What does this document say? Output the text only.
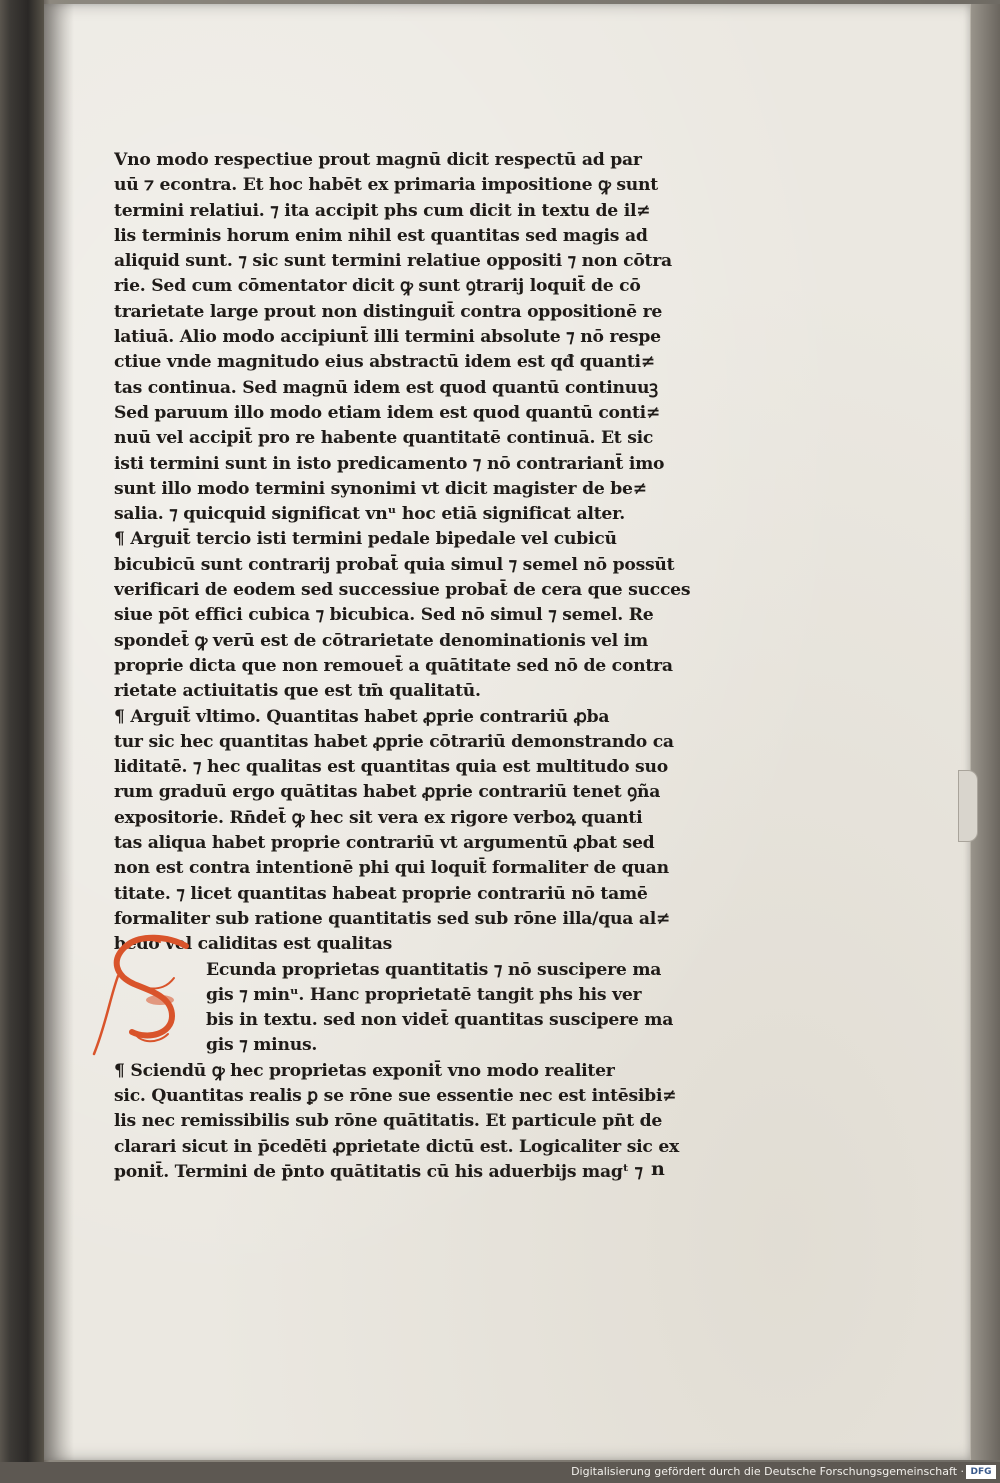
Vno modo respectiue prout magnū dicit respectū ad par
uū ⁊ econtra. Et hoc habēt ex primaria impositione ꝙ sunt
termini relatiui. ⁊ ita accipit phs cum dicit in textu de il≠
lis terminis horum enim nihil est quantitas sed magis ad
aliquid sunt. ⁊ sic sunt termini relatiue oppositi ⁊ non cōtra
rie. Sed cum cōmentator dicit ꝙ sunt ꝯtrarij loquit̄ de cō
trarietate large prout non distinguit̄ contra oppositionē re
latiuā. Alio modo accipiunt̄ illi termini absolute ⁊ nō respe
ctiue vnde magnitudo eius abstractū idem est qđ quanti≠
tas continua. Sed magnū idem est quod quantū continuuꝫ
Sed paruum illo modo etiam idem est quod quantū conti≠
nuū vel accipit̄ pro re habente quantitatē continuā. Et sic
isti termini sunt in isto predicamento ⁊ nō contrariant̄ imo
sunt illo modo termini synonimi vt dicit magister de be≠
salia. ⁊ quicquid significat vnᵘ hoc etiā significat alter.
¶ Arguit̄ tercio isti termini pedale bipedale vel cubicū
bicubicū sunt contrarij probat̄ quia simul ⁊ semel nō possūt
verificari de eodem sed successiue probat̄ de cera que succes
siue pōt effici cubica ⁊ bicubica. Sed nō simul ⁊ semel. Re
spondet̄ ꝙ verū est de cōtrarietate denominationis vel im
proprie dicta que non remouet̄ a quātitate sed nō de contra
rietate actiuitatis que est tm̄ qualitatū.
¶ Arguit̄ vltimo. Quantitas habet ꝓprie contrariū ꝓba
tur sic hec quantitas habet ꝓprie cōtrariū demonstrando ca
liditatē. ⁊ hec qualitas est quantitas quia est multitudo suo
rum graduū ergo quātitas habet ꝓprie contrariū tenet ꝯña
expositorie. Rn̄det̄ ꝙ hec sit vera ex rigore verboꝝ quanti
tas aliqua habet proprie contrariū vt argumentū ꝓbat sed
non est contra intentionē phi qui loquit̄ formaliter de quan
titate. ⁊ licet quantitas habeat proprie contrariū nō tamē
formaliter sub ratione quantitatis sed sub rōne illa/qua al≠
bedo vel caliditas est qualitas
Ecunda proprietas quantitatis ⁊ nō suscipere ma
gis ⁊ minᵘ. Hanc proprietatē tangit phs his ver
bis in textu. sed non videt̄ quantitas suscipere ma
gis ⁊ minus.
¶ Sciendū ꝙ hec proprietas exponit̄ vno modo realiter
sic. Quantitas realis ꝑ se rōne sue essentie nec est intēsibi≠
lis nec remissibilis sub rōne quātitatis. Et particule pn̄t de
clarari sicut in p̄cedēti ꝓprietate dictū est. Logicaliter sic ex
ponit̄. Termini de p̄nto quātitatis cū his aduerbijs magᵗ ⁊ n
Digitalisierung gefördert durch die Deutsche Forschungsgemeinschaft · DFG
